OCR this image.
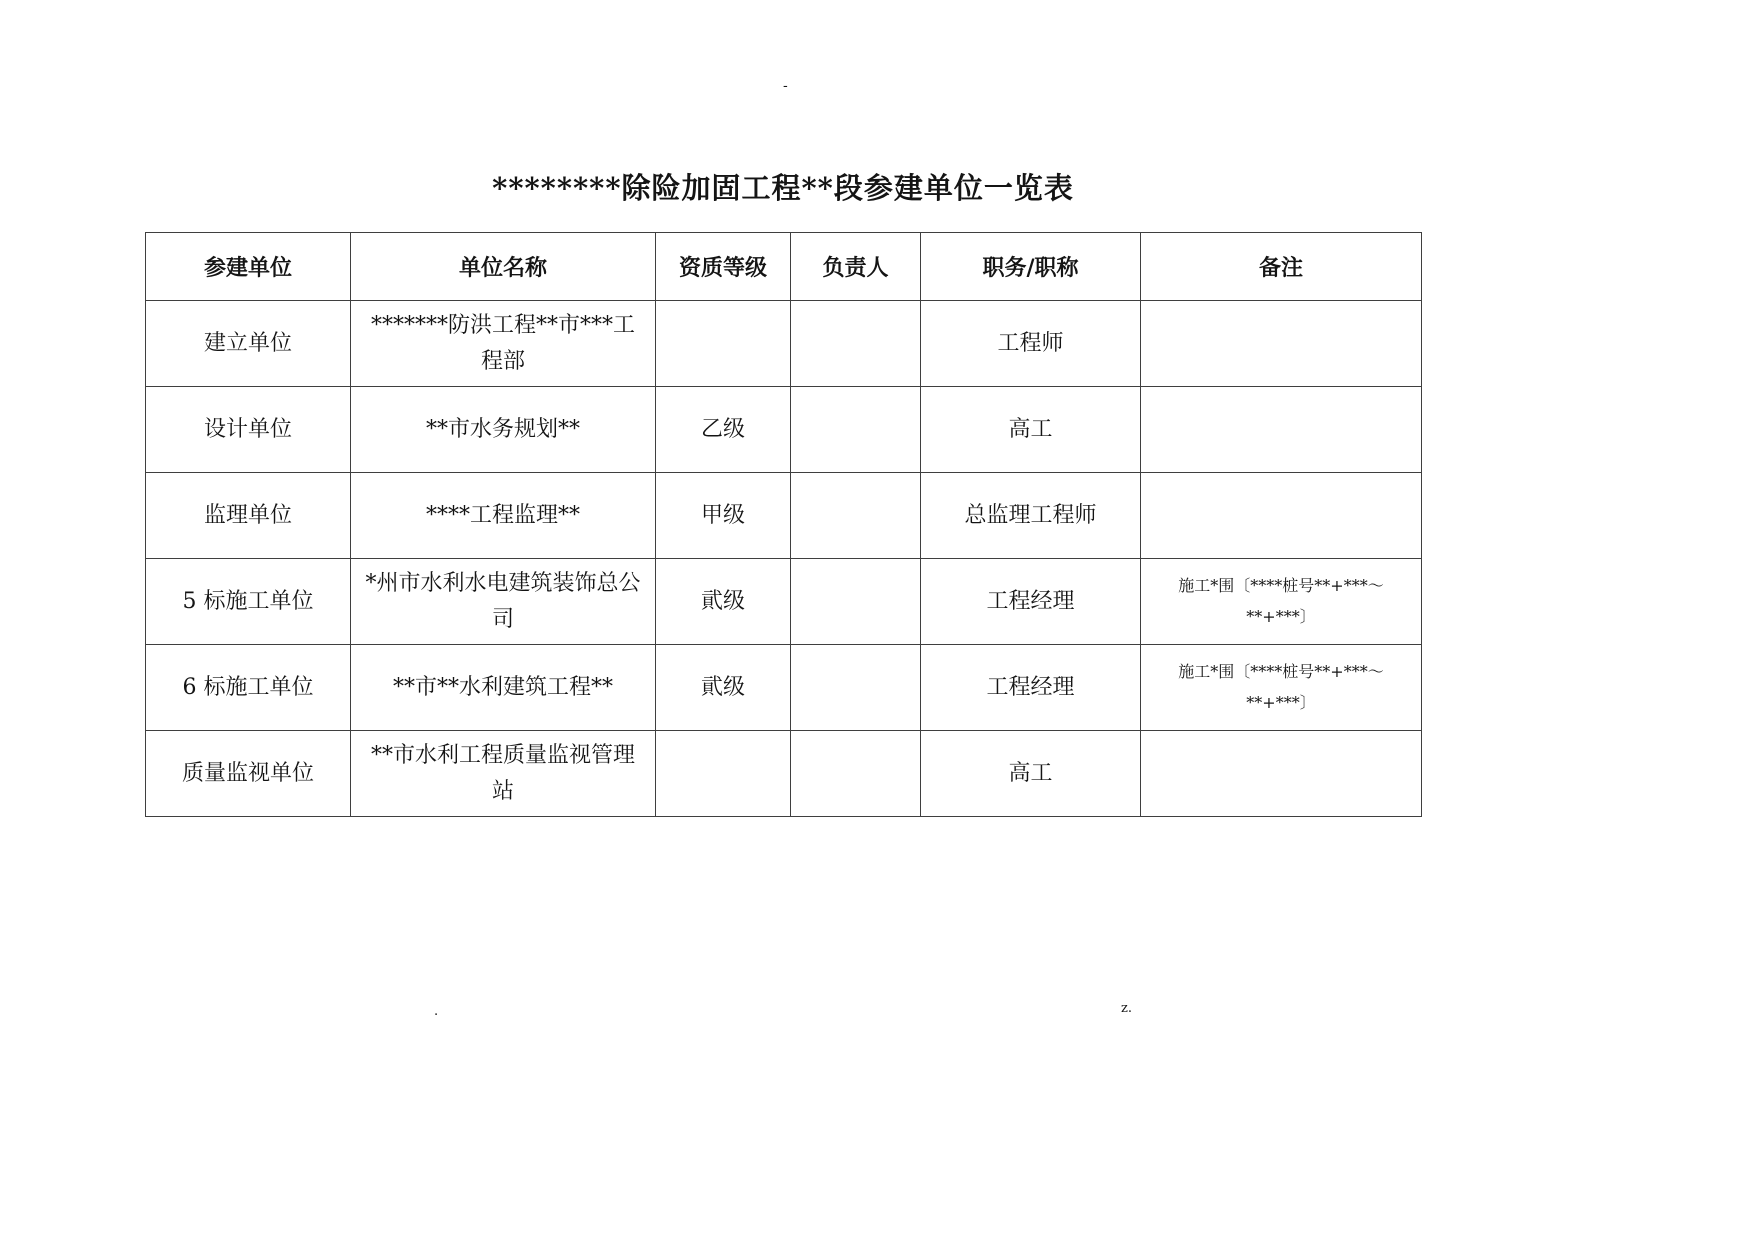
-
********除险加固工程**段参建单位一览表
参建单位	单位名称	资质等级	负责人	职务/职称	备注
建立单位	*******防洪工程**市***工程部			工程师	
设计单位	**市水务规划**	乙级		高工	
监理单位	****工程监理**	甲级		总监理工程师	
5 标施工单位	*州市水利水电建筑装饰总公司	貮级		工程经理	施工*围〔****桩号**+***～**+***〕
6 标施工单位	**市**水利建筑工程**	貮级		工程经理	施工*围〔****桩号**+***～**+***〕
质量监视单位	**市水利工程质量监视管理站			高工	
.	z.
